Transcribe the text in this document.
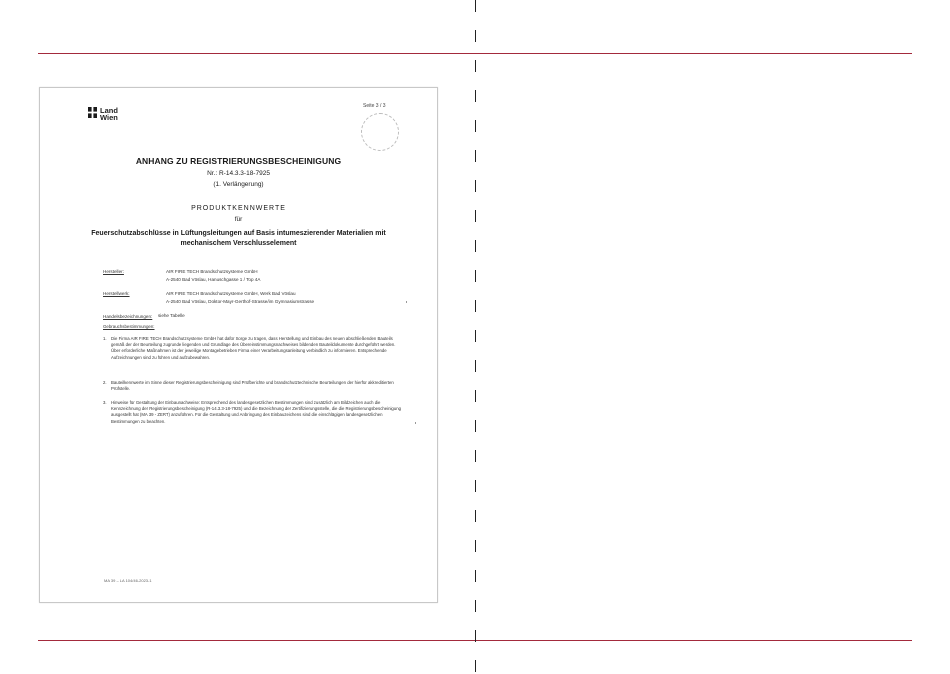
Land
Wien
Seite 3 / 3
ANHANG ZU REGISTRIERUNGSBESCHEINIGUNG
Nr.: R-14.3.3-18-7925
(1. Verlängerung)
PRODUKTKENNWERTE
für
Feuerschutzabschlüsse in Lüftungsleitungen auf Basis intumeszierender Materialien mit mechanischem Verschlusselement
Hersteller:	AIR FIRE TECH Brandschutzsysteme GmbH
A-2540 Bad Vöslau, Hanuschgasse 1 / Top 4A
Herstellwerk:	AIR FIRE TECH Brandschutzsysteme GmbH, Werk Bad Vöslau
A-2540 Bad Vöslau, Doktor-Mayr-Gerthof-Strasse/im Gymnasiumstrasse
Handelsbezeichnungen: siehe Tabelle
Gebrauchsbestimmungen:
1. Die Firma AIR FIRE TECH Brandschutzsysteme GmbH hat dafür Sorge zu tragen, dass Herstellung und Einbau des neuen abschließenden Bauteils gemäß der der Beurteilung zugrunde liegenden und Grundlage des Übereinstimmungsnachweises bildenden Bauteildokumente durchgeführt werden. Über erforderliche Maßnahmen ist der jeweilige Montagebetrieben Firma einer Verarbeitungsanleitung verbindlich zu informieren. Entsprechende Aufzeichnungen sind zu führen und aufzubewahren.
2. Bauteilkennwerte im Sinne dieser Registrierungsbescheinigung sind Prüfberichte und brandschutztechnische Beurteilungen der hierfür akkreditierten Prüfstelle.
3. Hinweise für Gestaltung der Einbaunachweise: Entsprechend des landesgesetzlichen Bestimmungen sind zusätzlich am Bildzeichen auch die Kennzeichnung der Registrierungsbescheinigung (R-14.3.3-18-7925) und die Bezeichnung der Zertifizierungsstelle, die die Registrierungsbescheinigung ausgestellt hat (MA 39 - ZERT) anzuführen. Für die Gestaltung und Anbringung des Einbauzeichens sind die einschlägigen landesgesetzlichen Bestimmungen zu beachten.
MA 39 – LA 104/46-2023-1
